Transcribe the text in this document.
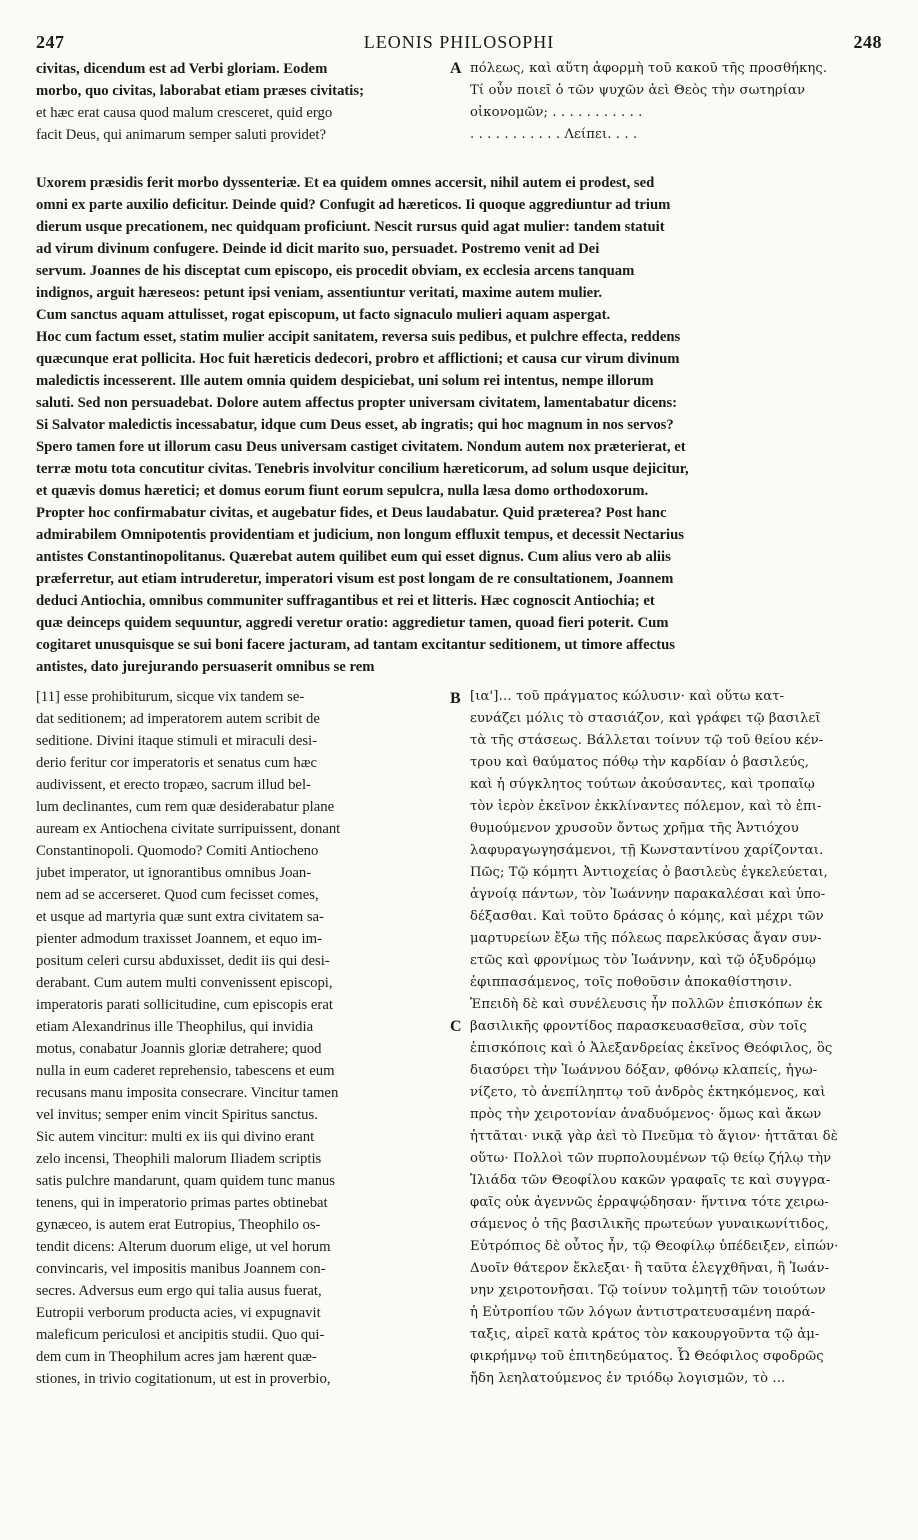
247	LEONIS PHILOSOPHI	248
civitas, dicendum est ad Verbi gloriam. Eodem
morbo, quo civitas, laborabat etiam præses civitatis;
et hæc erat causa quod malum cresceret, quid ergo
facit Deus, qui animarum semper saluti providet?
A πόλεως, καὶ αὕτη ἀφορμὴ τοῦ κακοῦ τῆς προσθήκης.
Τί οὖν ποιεῖ ὁ τῶν ψυχῶν ἀεὶ Θεὸς τὴν σωτηρίαν
οἰκονομῶν; . . . . . . . . . . .
. . . . . . . . . . . Λείπει. . . .
Uxorem præsidis ferit morbo dyssenteriæ. Et ea quidem omnes accersit, nihil autem ei prodest, sed
omni ex parte auxilio deficitur. Deinde quid? Confugit ad hæreticos. Ii quoque aggrediuntur ad trium
dierum usque precationem, nec quidquam proficiunt. Nescit rursus quid agat mulier: tandem statuit
ad virum divinum confugere. Deinde id dicit marito suo, persuadet. Postremo venit ad Dei
servum. Joannes de his disceptat cum episcopo, eis procedit obviam, ex ecclesia arcens tanquam
indignos, arguit hæreseos: petunt ipsi veniam, assentiuntur veritati, maxime autem mulier.
Cum sanctus aquam attulisset, rogat episcopum, ut facto signaculo mulieri aquam aspergat.
Hoc cum factum esset, statim mulier accipit sanitatem, reversa suis pedibus, et pulchre effecta, reddens
quæcunque erat pollicita. Hoc fuit hæreticis dedecori, probro et afflictioni; et causa cur virum divinum
maledictis incesserent. Ille autem omnia quidem despiciebat, uni solum rei intentus, nempe illorum
saluti. Sed non persuadebat. Dolore autem affectus propter universam civitatem, lamentabatur dicens:
Si Salvator maledictis incessabatur, idque cum Deus esset, ab ingratis; qui hoc magnum in nos servos?
Spero tamen fore ut illorum casu Deus universam castiget civitatem. Nondum autem nox præterierat, et
terræ motu tota concutitur civitas. Tenebris involvitur concilium hæreticorum, ad solum usque dejicitur,
et quævis domus hæretici; et domus eorum fiunt eorum sepulcra, nulla læsa domo orthodoxorum.
Propter hoc confirmabatur civitas, et augebatur fides, et Deus laudabatur. Quid præterea? Post hanc
admirabilem Omnipotentis providentiam et judicium, non longum effluxit tempus, et decessit Nectarius
antistes Constantinopolitanus. Quærebat autem quilibet eum qui esset dignus. Cum alius vero ab aliis
præferretur, aut etiam intruderetur, imperatori visum est post longam de re consultationem, Joannem
deduci Antiochia, omnibus communiter suffragantibus et rei et litteris. Hæc cognoscit Antiochia; et
quæ deinceps quidem sequuntur, aggredi veretur oratio: aggredietur tamen, quoad fieri poterit. Cum
cogitaret unusquisque se sui boni facere jacturam, ad tantam excitantur seditionem, ut timore affectus
antistes, dato jurejurando persuaserit omnibus se rem
[11] esse prohibiturum, sicque vix tandem se-
dat seditionem; ad imperatorem autem scribit de
seditione. Divini itaque stimuli et miraculi desi-
derio feritur cor imperatoris et senatus cum hæc
audivissent, et erecto tropæo, sacrum illud bel-
lum declinantes, cum rem quæ desiderabatur plane
auream ex Antiochena civitate surripuissent, donant
Constantinopoli. Quomodo? Comiti Antiocheno
jubet imperator, ut ignorantibus omnibus Joan-
nem ad se accerseret. Quod cum fecisset comes,
et usque ad martyria quæ sunt extra civitatem sa-
pienter admodum traxisset Joannem, et equo im-
positum celeri cursu abduxisset, dedit iis qui desi-
derabant. Cum autem multi convenissent episcopi,
imperatoris parati sollicitudine, cum episcopis erat
etiam Alexandrinus ille Theophilus, qui invidia
motus, conabatur Joannis gloriæ detrahere; quod
nulla in eum caderet reprehensio, tabescens et eum
recusans manu imposita consecrare. Vincitur tamen
vel invitus; semper enim vincit Spiritus sanctus.
Sic autem vincitur: multi ex iis qui divino erant
zelo incensi, Theophili malorum Iliadem scriptis
satis pulchre mandarunt, quam quidem tunc manus
tenens, qui in imperatorio primas partes obtinebat
gynæceo, is autem erat Eutropius, Theophilo os-
tendit dicens: Alterum duorum elige, ut vel horum
convincaris, vel impositis manibus Joannem con-
secres. Adversus eum ergo qui talia ausus fuerat,
Eutropii verborum producta acies, vi expugnavit
maleficum periculosi et ancipitis studii. Quo qui-
dem cum in Theophilum acres jam hærent quæ-
stiones, in trivio cogitationum, ut est in proverbio,
B
C
[ια']… τοῦ πράγματος κώλυσιν· καὶ οὕτω κατ-
ευνάζει μόλις τὸ στασιάζον, καὶ γράφει τῷ βασιλεῖ
τὰ τῆς στάσεως. Βάλλεται τοίνυν τῷ τοῦ θείου κέν-
τρου καὶ θαύματος πόθῳ τὴν καρδίαν ὁ βασιλεύς,
καὶ ἡ σύγκλητος τούτων ἀκούσαντες, καὶ τροπαῖῳ
τὸν ἱερὸν ἐκεῖνον ἐκκλίναντες πόλεμον, καὶ τὸ ἐπι-
θυμούμενον χρυσοῦν ὄντως χρῆμα τῆς Ἀντιόχου
λαφυραγωγησάμενοι, τῇ Κωνσταντίνου χαρίζονται.
Πῶς; Τῷ κόμητι Ἀντιοχείας ὁ βασιλεὺς ἐγκελεύεται,
ἀγνοίᾳ πάντων, τὸν Ἰωάννην παρακαλέσαι καὶ ὑπο-
δέξασθαι. Καὶ τοῦτο δράσας ὁ κόμης, καὶ μέχρι τῶν
μαρτυρείων ἔξω τῆς πόλεως παρελκύσας ἄγαν συν-
ετῶς καὶ φρονίμως τὸν Ἰωάννην, καὶ τῷ ὀξυδρόμῳ
ἐφιππασάμενος, τοῖς ποθοῦσιν ἀποκαθίστησιν.
Ἐπειδὴ δὲ καὶ συνέλευσις ἦν πολλῶν ἐπισκόπων ἐκ
βασιλικῆς φροντίδος παρασκευασθεῖσα, σὺν τοῖς
ἐπισκόποις καὶ ὁ Ἀλεξανδρείας ἐκεῖνος Θεόφιλος, ὃς
διασύρει τὴν Ἰωάννου δόξαν, φθόνῳ κλαπείς, ἠγω-
νίζετο, τὸ ἀνεπίληπτῳ τοῦ ἀνδρὸς ἐκτηκόμενος, καὶ
πρὸς τὴν χειροτονίαν ἀναδυόμενος· ὅμως καὶ ἄκων
ἡττᾶται· νικᾷ γὰρ ἀεὶ τὸ Πνεῦμα τὸ ἅγιον· ἡττᾶται δὲ
οὕτω· Πολλοὶ τῶν πυρπολουμένων τῷ θείῳ ζήλῳ τὴν
Ἰλιάδα τῶν Θεοφίλου κακῶν γραφαῖς τε καὶ συγγρα-
φαῖς οὐκ ἀγεννῶς ἐρραψῴδησαν· ἥντινα τότε χειρω-
σάμενος ὁ τῆς βασιλικῆς πρωτεύων γυναικωνίτιδος,
Εὐτρόπιος δὲ οὗτος ἦν, τῷ Θεοφίλῳ ὑπέδειξεν, εἰπών·
Δυοῖν θάτερον ἔκλεξαι· ἢ ταῦτα ἐλεγχθῆναι, ἢ Ἰωάν-
νην χειροτονῆσαι. Τῷ τοίνυν τολμητῇ τῶν τοιούτων
ἡ Εὐτροπίου τῶν λόγων ἀντιστρατευσαμένη παρά-
ταξις, αἱρεῖ κατὰ κράτος τὸν κακουργοῦντα τῷ ἀμ-
φικρήμνῳ τοῦ ἐπιτηδεύματος. Ὦ Θεόφιλος σφοδρῶς
ἤδη λεηλατούμενος ἐν τριόδῳ λογισμῶν, τὸ ...
